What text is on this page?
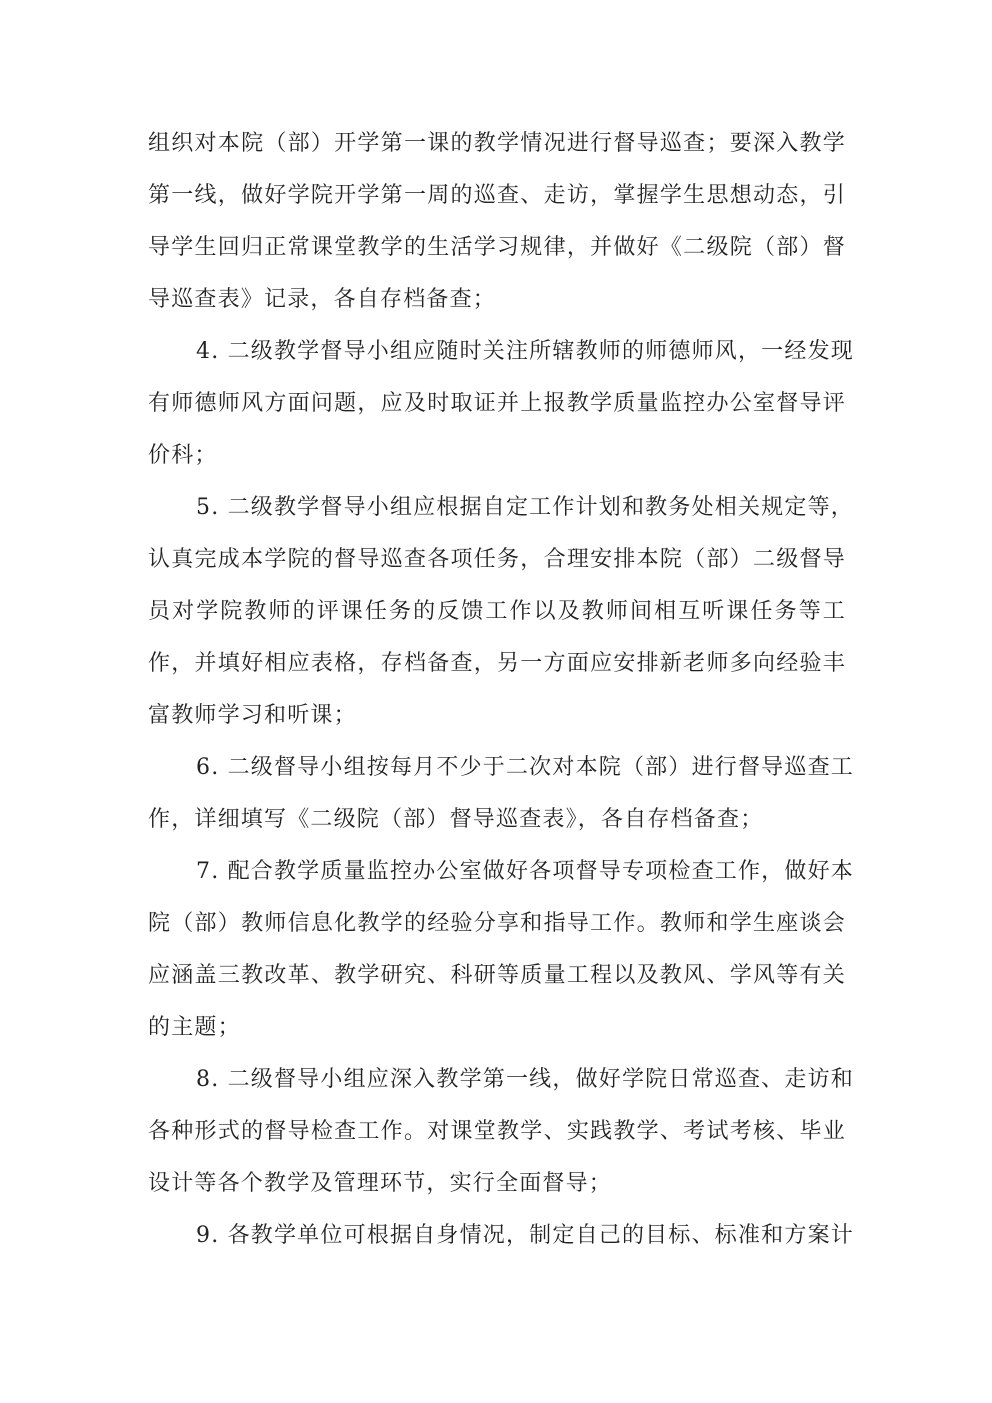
组织对本院（部）开学第一课的教学情况进行督导巡查；要深入教学
第一线，做好学院开学第一周的巡查、走访，掌握学生思想动态，引
导学生回归正常课堂教学的生活学习规律，并做好《二级院（部）督
导巡查表》记录，各自存档备查；
4. 二级教学督导小组应随时关注所辖教师的师德师风，一经发现
有师德师风方面问题，应及时取证并上报教学质量监控办公室督导评
价科；
5. 二级教学督导小组应根据自定工作计划和教务处相关规定等，
认真完成本学院的督导巡查各项任务，合理安排本院（部）二级督导
员对学院教师的评课任务的反馈工作以及教师间相互听课任务等工
作，并填好相应表格，存档备查，另一方面应安排新老师多向经验丰
富教师学习和听课；
6. 二级督导小组按每月不少于二次对本院（部）进行督导巡查工
作，详细填写《二级院（部）督导巡查表》，各自存档备查；
7. 配合教学质量监控办公室做好各项督导专项检查工作，做好本
院（部）教师信息化教学的经验分享和指导工作。教师和学生座谈会
应涵盖三教改革、教学研究、科研等质量工程以及教风、学风等有关
的主题；
8. 二级督导小组应深入教学第一线，做好学院日常巡查、走访和
各种形式的督导检查工作。对课堂教学、实践教学、考试考核、毕业
设计等各个教学及管理环节，实行全面督导；
9. 各教学单位可根据自身情况，制定自己的目标、标准和方案计
